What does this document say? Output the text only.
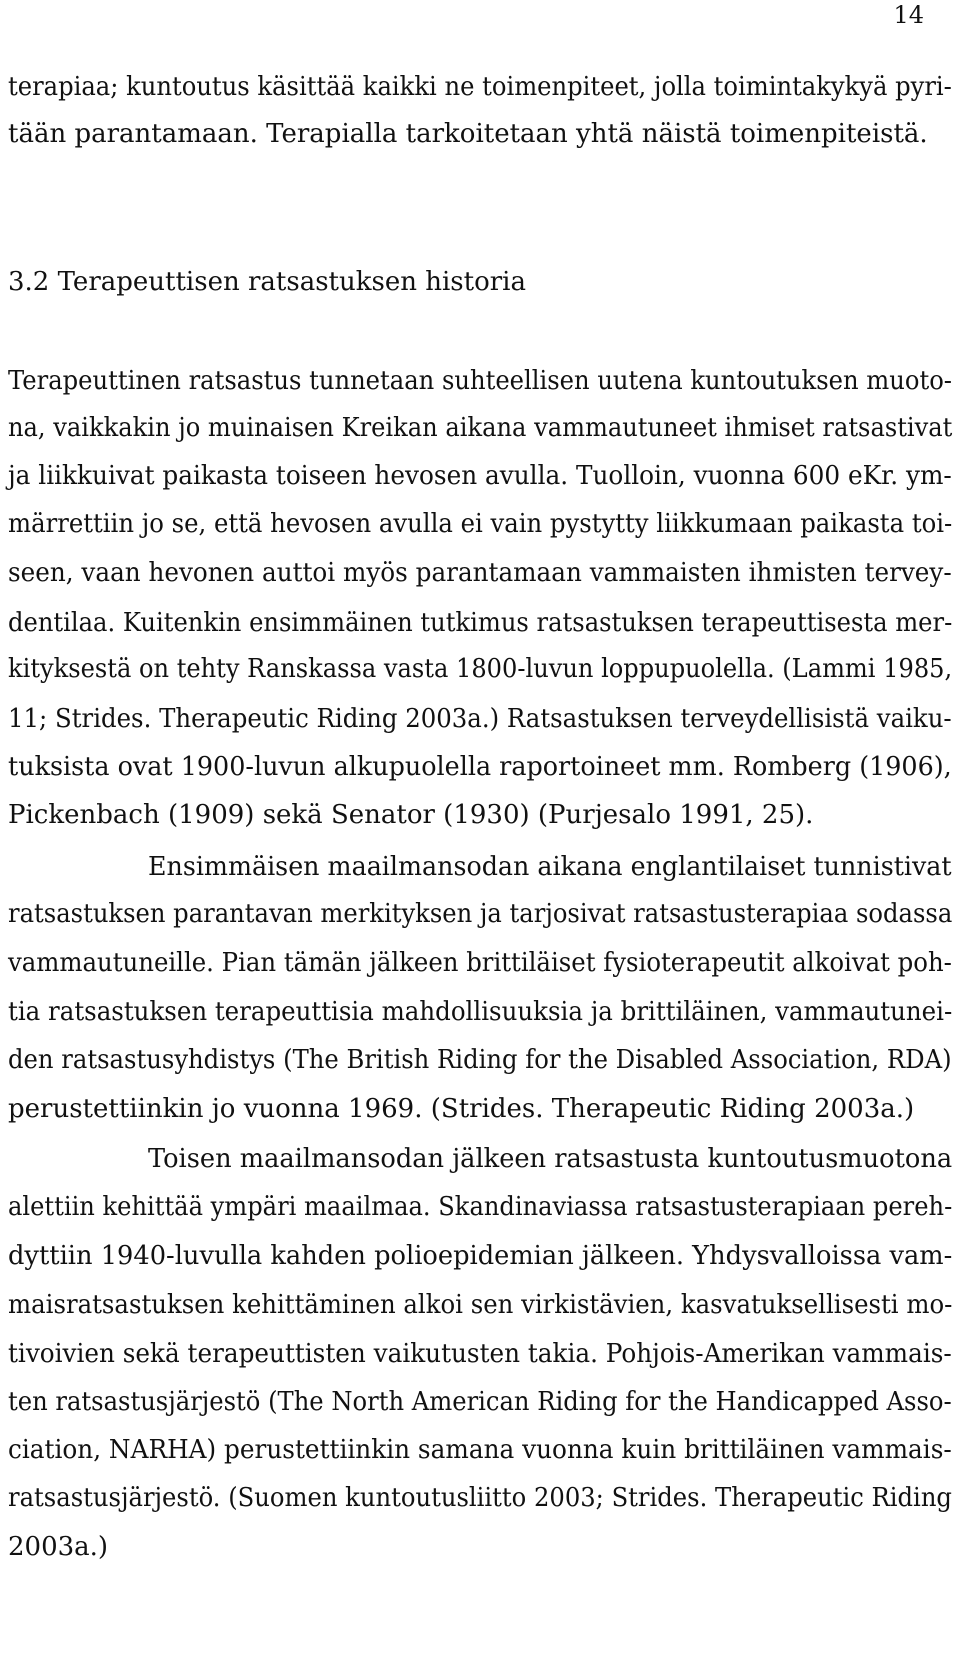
14
terapiaa; kuntoutus käsittää kaikki ne toimenpiteet, jolla toimintakykyä pyri-
tään parantamaan. Terapialla tarkoitetaan yhtä näistä toimenpiteistä.
3.2 Terapeuttisen ratsastuksen historia
Terapeuttinen ratsastus tunnetaan suhteellisen uutena kuntoutuksen muoto-
na, vaikkakin jo muinaisen Kreikan aikana vammautuneet ihmiset ratsastivat
ja liikkuivat paikasta toiseen hevosen avulla. Tuolloin, vuonna 600 eKr. ym-
märrettiin jo se, että hevosen avulla ei vain pystytty liikkumaan paikasta toi-
seen, vaan hevonen auttoi myös parantamaan vammaisten ihmisten tervey-
dentilaa. Kuitenkin ensimmäinen tutkimus ratsastuksen terapeuttisesta mer-
kityksestä on tehty Ranskassa vasta 1800-luvun loppupuolella. (Lammi 1985,
11; Strides. Therapeutic Riding 2003a.) Ratsastuksen terveydellisistä vaiku-
tuksista ovat 1900-luvun alkupuolella raportoineet mm. Romberg (1906),
Pickenbach (1909) sekä Senator (1930) (Purjesalo 1991, 25).
Ensimmäisen maailmansodan aikana englantilaiset tunnistivat
ratsastuksen parantavan merkityksen ja tarjosivat ratsastusterapiaa sodassa
vammautuneille. Pian tämän jälkeen brittiläiset fysioterapeutit alkoivat poh-
tia ratsastuksen terapeuttisia mahdollisuuksia ja brittiläinen, vammautunei-
den ratsastusyhdistys (The British Riding for the Disabled Association, RDA)
perustettiinkin jo vuonna 1969. (Strides. Therapeutic Riding 2003a.)
Toisen maailmansodan jälkeen ratsastusta kuntoutusmuotona
alettiin kehittää ympäri maailmaa. Skandinaviassa ratsastusterapiaan pereh-
dyttiin 1940-luvulla kahden polioepidemian jälkeen. Yhdysvalloissa vam-
maisratsastuksen kehittäminen alkoi sen virkistävien, kasvatuksellisesti mo-
tivoivien sekä terapeuttisten vaikutusten takia. Pohjois-Amerikan vammais-
ten ratsastusjärjestö (The North American Riding for the Handicapped Asso-
ciation, NARHA) perustettiinkin samana vuonna kuin brittiläinen vammais-
ratsastusjärjestö. (Suomen kuntoutusliitto 2003; Strides. Therapeutic Riding
2003a.)
